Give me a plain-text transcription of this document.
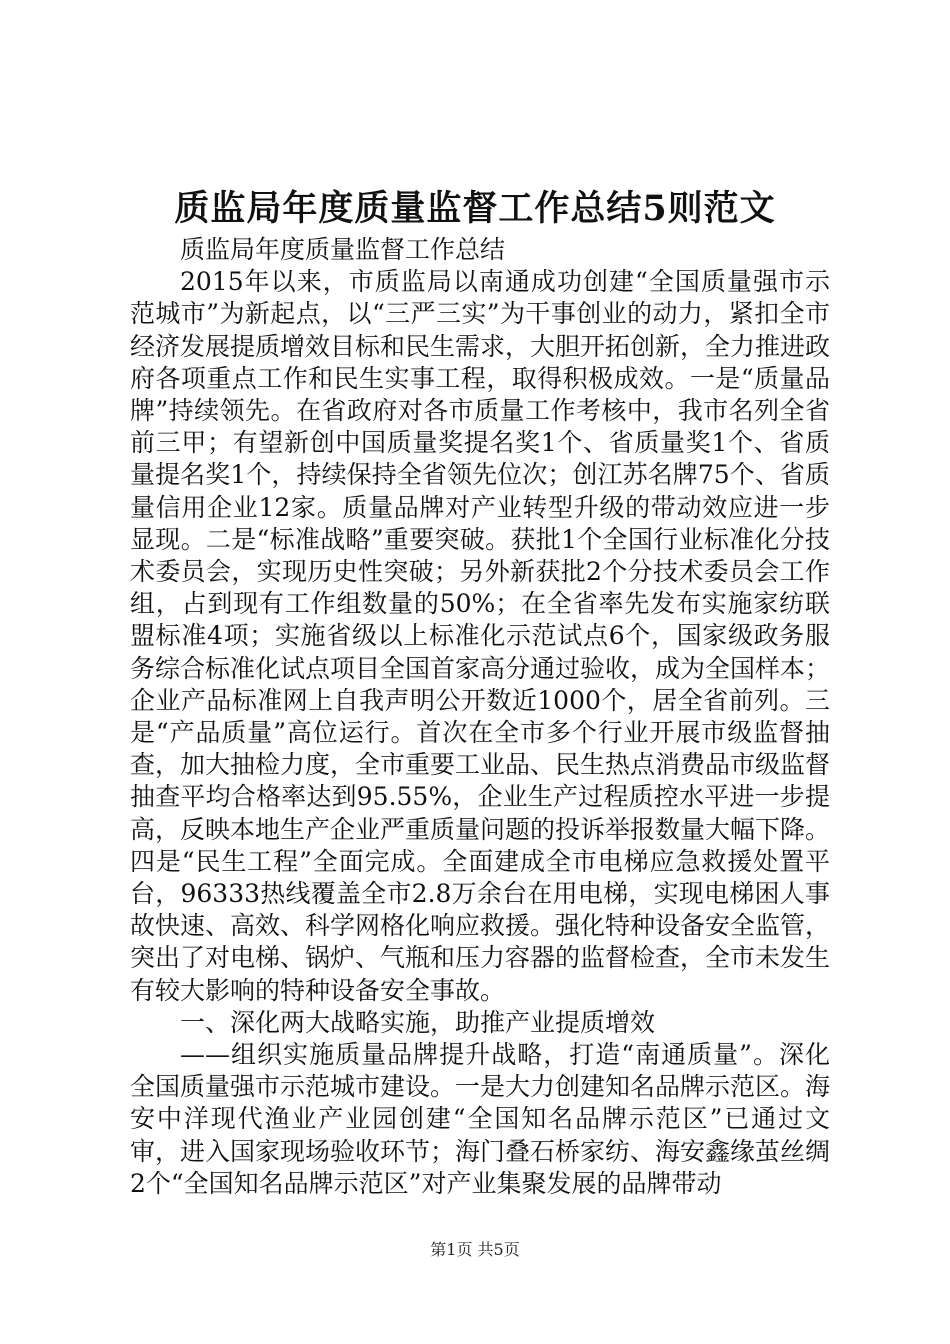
质监局年度质量监督工作总结5则范文

质监局年度质量监督工作总结

2015年以来，市质监局以南通成功创建“全国质量强市示范城市”为新起点，以“三严三实”为干事创业的动力，紧扣全市经济发展提质增效目标和民生需求，大胆开拓创新，全力推进政府各项重点工作和民生实事工程，取得积极成效。一是“质量品牌”持续领先。在省政府对各市质量工作考核中，我市名列全省前三甲；有望新创中国质量奖提名奖1个、省质量奖1个、省质量提名奖1个，持续保持全省领先位次；创江苏名牌75个、省质量信用企业12家。质量品牌对产业转型升级的带动效应进一步显现。二是“标准战略”重要突破。获批1个全国行业标准化分技术委员会，实现历史性突破；另外新获批2个分技术委员会工作组，占到现有工作组数量的50%；在全省率先发布实施家纺联盟标准4项；实施省级以上标准化示范试点6个，国家级政务服务综合标准化试点项目全国首家高分通过验收，成为全国样本；企业产品标准网上自我声明公开数近1000个，居全省前列。三是“产品质量”高位运行。首次在全市多个行业开展市级监督抽查，加大抽检力度，全市重要工业品、民生热点消费品市级监督抽查平均合格率达到95.55%，企业生产过程质控水平进一步提高，反映本地生产企业严重质量问题的投诉举报数量大幅下降。四是“民生工程”全面完成。全面建成全市电梯应急救援处置平台，96333热线覆盖全市2.8万余台在用电梯，实现电梯困人事故快速、高效、科学网格化响应救援。强化特种设备安全监管，突出了对电梯、锅炉、气瓶和压力容器的监督检查，全市未发生有较大影响的特种设备安全事故。

一、深化两大战略实施，助推产业提质增效

——组织实施质量品牌提升战略，打造“南通质量”。深化全国质量强市示范城市建设。一是大力创建知名品牌示范区。海安中洋现代渔业产业园创建“全国知名品牌示范区”已通过文审，进入国家现场验收环节；海门叠石桥家纺、海安鑫缘茧丝绸2个“全国知名品牌示范区”对产业集聚发展的品牌带动

第1页 共5页
